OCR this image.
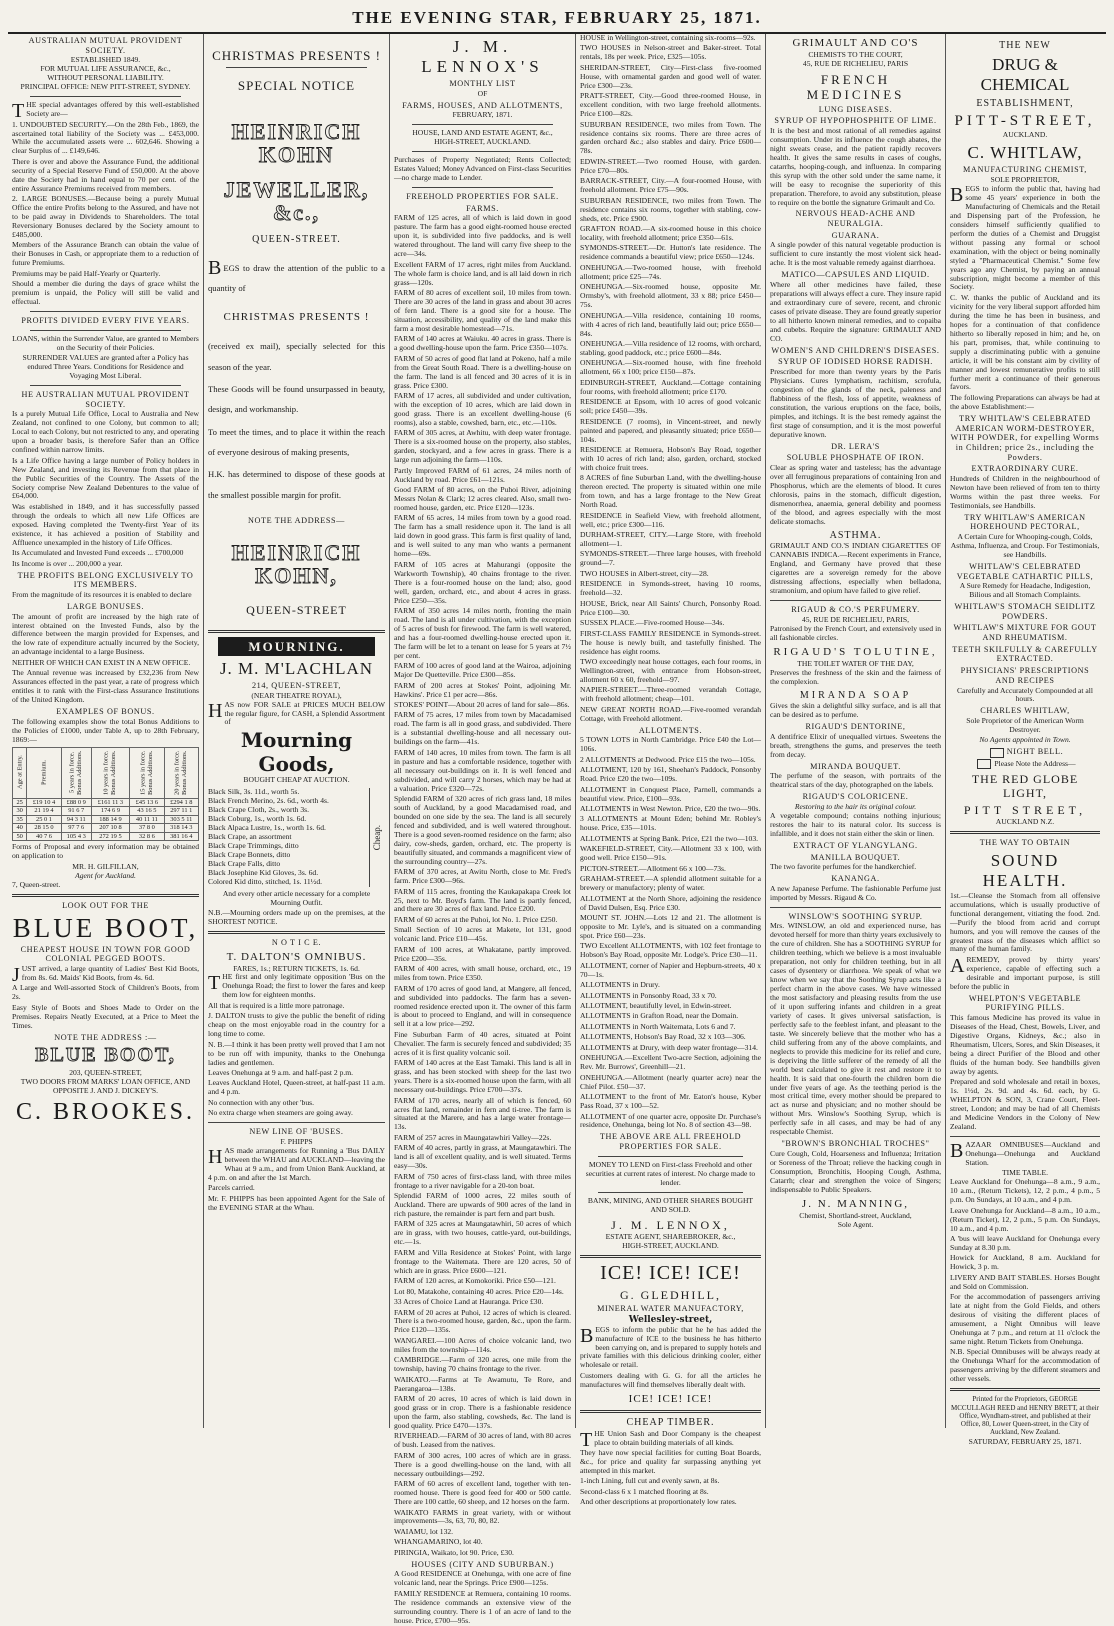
THE EVENING STAR, FEBRUARY 25, 1871.
AUSTRALIAN MUTUAL PROVIDENT SOCIETY.
ESTABLISHED 1849.
FOR MUTUAL LIFE ASSURANCE, &c.,
WITHOUT PERSONAL LIABILITY.
PRINCIPAL OFFICE: NEW PITT-STREET, SYDNEY.

THE special advantages offered by this well-established Society are—

1. UNDOUBTED SECURITY.—On the 28th Feb., 1869, the ascertained total liability of the Society was ... £453,000. While the accumulated assets were ... 602,646. Showing a clear Surplus of ... £149,646.

There is over and above the Assurance Fund, the additional security of a Special Reserve Fund of £50,000. At the above date the Society had in hand equal to 70 per cent. of the entire Assurance Premiums received from members.

2. LARGE BONUSES.—Because being a purely Mutual Office the entire Profits belong to the Assured, and have not to be paid away in Dividends to Shareholders. The total Reversionary Bonuses declared by the Society amount to £485,000.

Members of the Assurance Branch can obtain the value of their Bonuses in Cash, or appropriate them to a reduction of future Premiums.

Premiums may be paid Half-Yearly or Quarterly.

Should a member die during the days of grace whilst the premium is unpaid, the Policy will still be valid and effectual.

PROFITS DIVIDED EVERY FIVE YEARS.

LOANS, within the Surrender Value, are granted to Members on the Security of their Policies.

SURRENDER VALUES are granted after a Policy has endured Three Years. Conditions for Residence and Voyaging Most Liberal.

HE AUSTRALIAN MUTUAL PROVIDENT SOCIETY.

Is a purely Mutual Life Office, Local to Australia and New Zealand, not confined to one Colony, but common to all; Local to each Colony, but not restricted to any, and operating upon a broader basis, is therefore Safer than an Office confined within narrow limits.

Is a Life Office having a large number of Policy holders in New Zealand, and investing its Revenue from that place in the Public Securities of the Country. The Assets of the Society comprise New Zealand Debentures to the value of £64,000.

Was established in 1849, and it has successfully passed through the ordeals to which all new Life Offices are exposed. Having completed the Twenty-first Year of its existence, it has achieved a position of Stability and Affluence unexampled in the history of Life Offices.

Its Accumulated and Invested Fund exceeds ... £700,000

Its Income is over ... 200,000 a year.

THE PROFITS BELONG EXCLUSIVELY TO ITS MEMBERS.

From the magnitude of its resources it is enabled to declare

LARGE BONUSES.

The amount of profit are increased by the high rate of interest obtained on the Invested Funds, also by the difference between the margin provided for Expenses, and the low rate of expenditure actually incurred by the Society, an advantage incidental to a large Business.

NEITHER OF WHICH CAN EXIST IN A NEW OFFICE.

The Annual revenue was increased by £32,236 from New Assurances effected in the past year, a rate of progress which entitles it to rank with the First-class Assurance Institutions of the United Kingdom.

EXAMPLES OF BONUS.

The following examples show the total Bonus Additions to the Policies of £1000, under Table A, up to 28th February, 1869:—

Age at Entry.	Premium.	5 years in force. Bonus Additions.	10 years in force. Bonus Additions.	15 years in force. Bonus Additions.	20 years in force. Bonus Additions.
25	£19 10 4	£88 0 9	£161 11 3	£45 13 6	£294 1 8
30	21 19 4	91 6 7	174 6 9	43 16 5	297 11 1
35	25 0 1	94 3 11	188 14 9	40 11 11	303 5 11
40	28 15 0	97 7 6	207 10 8	37 8 0	318 14 3
50	40 7 6	105 4 3	272 19 5	32 8 6	381 16 4

Forms of Proposal and every information may be obtained on application to

MR. H. GILFILLAN,
Agent for Auckland.
7, Queen-street.
LOOK OUT FOR THE
BLUE BOOT,
CHEAPEST HOUSE IN TOWN FOR GOOD COLONIAL PEGGED BOOTS.

JUST arrived, a large quantity of Ladies' Best Kid Boots, from 8s. 6d. Maids' Kid Boots, from 4s. 6d.

A Large and Well-assorted Stock of Children's Boots, from 2s.

Easy Style of Boots and Shoes Made to Order on the Premises. Repairs Neatly Executed, at a Price to Meet the Times.

NOTE THE ADDRESS :—
BLUE BOOT,
203, QUEEN-STREET,
TWO DOORS FROM MARKS' LOAN OFFICE, AND
OPPOSITE J. AND J. DICKEY'S.
C. BROOKES.
CHRISTMAS PRESENTS !
SPECIAL NOTICE
HEINRICH KOHN
JEWELLER, &c.,
QUEEN-STREET.

BEGS to draw the attention of the public to a quantity of

CHRISTMAS PRESENTS !

(received ex mail), specially selected for this season of the year.

These Goods will be found unsurpassed in beauty, design, and workmanship.

To meet the times, and to place it within the reach of everyone desirous of making presents,

H.K. has determined to dispose of these goods at the smallest possible margin for profit.

NOTE THE ADDRESS—
HEINRICH KOHN,
QUEEN-STREET
MOURNING.
J. M. M'LACHLAN
214, QUEEN-STREET,
(NEAR THEATRE ROYAL),

HAS now FOR SALE at PRICES MUCH BELOW the regular figure, for CASH, a Splendid Assortment of

Mourning Goods,
BOUGHT CHEAP AT AUCTION.

Black Silk, 3s. 11d., worth 5s.

Black French Merino, 2s. 6d., worth 4s.

Black Crape Cloth, 2s., worth 3s.

Black Coburg, 1s., worth 1s. 6d.

Black Alpaca Lustre, 1s., worth 1s. 6d.

Black Crape, an assortment

Black Crape Trimmings, ditto

Black Crape Bonnets, ditto

Black Crape Falls, ditto

Black Josephine Kid Gloves, 3s. 6d.

Colored Kid ditto, stitched, 1s. 11½d.

Cheap.

And every other article necessary for a complete Mourning Outfit.

N.B.—Mourning orders made up on the premises, at the SHORTEST NOTICE.

N O T I C E.
T. DALTON'S OMNIBUS.
FARES, 1s.; RETURN TICKETS, 1s. 6d.

THE first and only legitimate opposition 'Bus on the Onehunga Road; the first to lower the fares and keep them low for eighteen months.

All that is required is a little more patronage.

J. DALTON trusts to give the public the benefit of riding cheap on the most enjoyable road in the country for a long time to come.

N. B.—I think it has been pretty well proved that I am not to be run off with impunity, thanks to the Onehunga ladies and gentlemen.

Leaves Onehunga at 9 a.m. and half-past 2 p.m.

Leaves Auckland Hotel, Queen-street, at half-past 11 a.m. and 4 p.m.

No connection with any other 'bus.

No extra charge when steamers are going away.

NEW LINE OF 'BUSES.
F. PHIPPS

HAS made arrangements for Running a 'Bus DAILY between the WHAU and AUCKLAND—leaving the Whau at 9 a.m., and from Union Bank Auckland, at 4 p.m. on and after the 1st March.

Parcels carried.

Mr. F. PHIPPS has been appointed Agent for the Sale of the EVENING STAR at the Whau.

J. M. LENNOX'S
MONTHLY LIST
OF
FARMS, HOUSES, AND ALLOTMENTS,
FEBRUARY, 1871.
HOUSE, LAND AND ESTATE AGENT, &c.,
HIGH-STREET, AUCKLAND.

Purchases of Property Negotiated; Rents Collected; Estates Valued; Money Advanced on First-class Securities—no charge made to Lender.

FREEHOLD PROPERTIES FOR SALE.
FARMS.

FARM of 125 acres, all of which is laid down in good pasture. The farm has a good eight-roomed house erected upon it, is subdivided into five paddocks, and is well watered throughout. The land will carry five sheep to the acre—34s.

Excellent FARM of 17 acres, right miles from Auckland. The whole farm is choice land, and is all laid down in rich grass—120s.

FARM of 80 acres of excellent soil, 10 miles from town. There are 30 acres of the land in grass and about 30 acres of fern land. There is a good site for a house. The situation, accessibility, and quality of the land make this farm a most desirable homestead—71s.

FARM of 140 acres at Waiuku. 40 acres in grass. There is a good dwelling-house upon the farm. Price £350—107s.

FARM of 50 acres of good flat land at Pokeno, half a mile from the Great South Road. There is a dwelling-house on the farm. The land is all fenced and 30 acres of it is in grass. Price £300.

FARM of 17 acres, all subdivided and under cultivation, with the exception of 10 acres, which are laid down in good grass. There is an excellent dwelling-house (6 rooms), also a stable, cowshed, barn, etc., etc.—110s.

FARM of 305 acres, at Awhitu, with deep water frontage. There is a six-roomed house on the property, also stables, garden, stockyard, and a few acres in grass. There is a large run adjoining the farm—110s.

Partly Improved FARM of 61 acres, 24 miles north of Auckland by road. Price £61—121s.

Good FARM of 80 acres, on the Puhoi River, adjoining Messrs Nolan & Clark; 12 acres cleared. Also, small two-roomed house, garden, etc. Price £120—123s.

FARM of 65 acres, 14 miles from town by a good road. The farm has a small residence upon it. The land is all laid down in good grass. This farm is first quality of land, and is well suited to any man who wants a permanent home—69s.

FARM of 105 acres at Mahurangi (opposite the Warkworth Township), 40 chains frontage to the river. There is a four-roomed house on the land; also, good well, garden, orchard, etc., and about 4 acres in grass. Price £250—35s.

FARM of 350 acres 14 miles north, fronting the main road. The land is all under cultivation, with the exception of 5 acres of bush for firewood. The farm is well watered, and has a four-roomed dwelling-house erected upon it. The farm will be let to a tenant on lease for 5 years at 7½ per cent.

FARM of 100 acres of good land at the Wairoa, adjoining Major De Quetteville. Price £300—85s.

FARM of 200 acres at Stokes' Point, adjoining Mr. Hawkins'. Price £1 per acre—86s.

STOKES' POINT—About 20 acres of land for sale—86s.

FARM of 75 acres, 17 miles from town by Macadamised road. The farm is all in good grass, and subdivided. There is a substantial dwelling-house and all necessary out-buildings on the farm—41s.

FARM of 140 acres, 10 miles from town. The farm is all in pasture and has a comfortable residence, together with all necessary out-buildings on it. It is well fenced and subdivided, and will carry 2 horses, which may be had at a valuation. Price £320—72s.

Splendid FARM of 320 acres of rich grass land, 18 miles south of Auckland, by a good Macadamised road, and bounded on one side by the sea. The land is all securely fenced and subdivided, and is well watered throughout. There is a good seven-roomed residence on the farm; also dairy, cow-sheds, garden, orchard, etc. The property is beautifully situated, and commands a magnificent view of the surrounding country—27s.

FARM of 370 acres, at Awitu North, close to Mr. Fred's farm. Price £300—96s.

FARM of 115 acres, fronting the Kaukapakapa Creek lot 25, next to Mr. Boyd's farm. The land is partly fenced, and there are 30 acres of flax land. Price £200.

FARM of 60 acres at the Puhoi, lot No. 1. Price £250.

Small Section of 10 acres at Makete, lot 131, good volcanic land. Price £10—45s.

FARM of 100 acres, at Whakatane, partly improved. Price £200—35s.

FARM of 400 acres, with small house, orchard, etc., 19 miles from town. Price £350.

FARM of 170 acres of good land, at Mangere, all fenced, and subdivided into paddocks. The farm has a seven-roomed residence erected upon it. The owner of this farm is about to proceed to England, and will in consequence sell it at a low price—292.

Fine Suburban Farm of 40 acres, situated at Point Chevalier. The farm is securely fenced and subdivided; 35 acres of it is first quality volcanic soil.

FARM of 140 acres at the East Tamaki. This land is all in grass, and has been stocked with sheep for the last two years. There is a six-roomed house upon the farm, with all necessary out-buildings. Price £700—37s.

FARM of 170 acres, nearly all of which is fenced, 60 acres flat land, remainder in fern and ti-tree. The farm is situated at the Marere, and has a large water frontage—13s.

FARM of 257 acres in Maungatawhiri Valley—22s.

FARM of 40 acres, partly in grass, at Maungatawhiri. The land is all of excellent quality, and is well situated. Terms easy—30s.

FARM of 750 acres of first-class land, with three miles frontage to a river navigable for a 20-ton boat.

Splendid FARM of 1000 acres, 22 miles south of Auckland. There are upwards of 900 acres of the land in rich pasture, the remainder is part fern and part bush.

FARM of 325 acres at Maungatawhiri, 50 acres of which are in grass, with two houses, cattle-yard, out-buildings, etc.—1s.

FARM and Villa Residence at Stokes' Point, with large frontage to the Waitemata. There are 120 acres, 50 of which are in grass. Price £600—121.

FARM of 120 acres, at Komokoriki. Price £50—121.

Lot 80, Matakohe, containing 40 acres. Price £20—14s.

33 Acres of Choice Land at Hauranga. Price £30.

FARM of 20 acres at Puhoi, 12 acres of which is cleared. There is a two-roomed house, garden, &c., upon the farm. Price £120—135s.

WANGAREI.—100 Acres of choice volcanic land, two miles from the township—114s.

CAMBRIDGE.—Farm of 320 acres, one mile from the township, having 70 chains frontage to the river.

WAIKATO.—Farms at Te Awamutu, Te Rore, and Paerangaroa—138s.

FARM of 20 acres, 10 acres of which is laid down in good grass or in crop. There is a fashionable residence upon the farm, also stabling, cowsheds, &c. The land is good quality. Price £470—137s.

RIVERHEAD.—FARM of 30 acres of land, with 80 acres of bush. Leased from the natives.

FARM of 300 acres, 100 acres of which are in grass. There is a good dwelling-house on the land, with all necessary outbuildings—292.

FARM of 60 acres of excellent land, together with ten-roomed house. There is good feed for 400 or 500 cattle. There are 100 cattle, 60 sheep, and 12 horses on the farm.

WAIKATO FARMS in great variety, with or without improvements—3s, 63, 70, 80, 82.

WAIAMU, lot 132.

WHANGAMARINO, lot 40.

PIRINGIA, Waikato, lot 90. Price, £30.

HOUSES (CITY AND SUBURBAN.)

A Good RESIDENCE at Onehunga, with one acre of fine volcanic land, near the Springs. Price £900—125s.

FAMILY RESIDENCE at Remuera, containing 10 rooms. The residence commands an extensive view of the surrounding country. There is 1 of an acre of land to the house. Price, £700—95s.

HOUSE in Wellington-street, containing six-rooms—92s.

TWO HOUSES in Nelson-street and Baker-street. Total rentals, 18s per week. Price, £325—105s.

SHERIDAN-STREET, City—First-class five-roomed House, with ornamental garden and good well of water. Price £300—23s.

PRATT-STREET, City.—Good three-roomed House, in excellent condition, with two large freehold allotments. Price £100—82s.

SUBURBAN RESIDENCE, two miles from Town. The residence contains six rooms. There are three acres of garden orchard &c.; also stables and dairy. Price £600—78s.

EDWIN-STREET.—Two roomed House, with garden. Price £70—80s.

BARRACK-STREET, City.—A four-roomed House, with freehold allotment. Price £75—90s.

SUBURBAN RESIDENCE, two miles from Town. The residence contains six rooms, together with stabling, cow-sheds, etc. Price £900.

GRAFTON ROAD.—A six-roomed house in this choice locality, with freehold allotment; price £350—61s.

SYMONDS-STREET.—Dr. Hutton's late residence. The residence commands a beautiful view; price £650—124s.

ONEHUNGA.—Two-roomed house, with freehold allotment; price £25—74s.

ONEHUNGA.—Six-roomed house, opposite Mr. Ormsby's, with freehold allotment, 33 x 88; price £450—75s.

ONEHUNGA.—Villa residence, containing 10 rooms, with 4 acres of rich land, beautifully laid out; price £650—84s.

ONEHUNGA.—Villa residence of 12 rooms, with orchard, stabling, good paddock, etc.; price £600—84s.

ONEHUNGA.—Six-roomed house, with fine freehold allotment, 66 x 100; price £150—87s.

EDINBURGH-STREET, Auckland.—Cottage containing four rooms, with freehold allotment; price £170.

RESIDENCE at Epsom, with 10 acres of good volcanic soil; price £450—39s.

RESIDENCE (7 rooms), in Vincent-street, and newly painted and papered, and pleasantly situated; price £650—104s.

RESIDENCE at Remuera, Hobson's Bay Road, together with 10 acres of rich land; also, garden, orchard, stocked with choice fruit trees.

8 ACRES of fine Suburban Land, with the dwelling-house thereon erected. The property is situated within one mile from town, and has a large frontage to the New Great North Road.

RESIDENCE in Seafield View, with freehold allotment, well, etc.; price £300—116.

DURHAM-STREET, CITY.—Large Store, with freehold allotment—1.

SYMONDS-STREET.—Three large houses, with freehold ground—7.

TWO HOUSES in Albert-street, city—28.

RESIDENCE in Symonds-street, having 10 rooms, freehold—32.

HOUSE, Brick, near All Saints' Church, Ponsonby Road. Price £100—30.

SUSSEX PLACE.—Five-roomed House—34s.

FIRST-CLASS FAMILY RESIDENCE in Symonds-street. The house is newly built, and tastefully finished. The residence has eight rooms.

TWO exceedingly neat house cottages, each four rooms, in Wellington-street, with entrance from Hobson-street, allotment 60 x 60, freehold—97.

NAPIER-STREET.—Three-roomed verandah Cottage, with freehold allotment; cheap—101.

NEW GREAT NORTH ROAD.—Five-roomed verandah Cottage, with Freehold allotment.

ALLOTMENTS.

5 TOWN LOTS in North Cambridge. Price £40 the Lot—106s.

2 ALLOTMENTS at Dedwood. Price £15 the two—105s.

ALLOTMENT, 120 by 161, Sheehan's Paddock, Ponsonby Road. Price £20 the two—109s.

ALLOTMENT in Conquest Place, Parnell, commands a beautiful view. Price, £100—93s.

ALLOTMENTS in West Newton. Price, £20 the two—90s.

3 ALLOTMENTS at Mount Eden; behind Mr. Robley's house. Price, £35—101s.

ALLOTMENTS at Spring Bank. Price, £21 the two—103.

WAKEFIELD-STREET, City.—Allotment 33 x 100, with good well. Price £150—91s.

PICTON-STREET.—Allotment 66 x 100—73s.

GRAHAM-STREET.—A splendid allotment suitable for a brewery or manufactory; plenty of water.

ALLOTMENT at the North Shore, adjoining the residence of David Dulsen, Esq. Price £30.

MOUNT ST. JOHN.—Lots 12 and 21. The allotment is opposite to Mr. Lyle's, and is situated on a commanding spot. Price £60—23s.

TWO Excellent ALLOTMENTS, with 102 feet frontage to Hobson's Bay Road, opposite Mr. Lodge's. Price £30—11.

ALLOTMENT, corner of Napier and Hepburn-streets, 40 x 70—1s.

ALLOTMENTS in Drury.

ALLOTMENTS in Ponsonby Road, 33 x 70.

ALLOTMENT, beautifully level, in Edwin-street.

ALLOTMENTS in Grafton Road, near the Domain.

ALLOTMENTS in North Waitemata, Lots 6 and 7.

ALLOTMENTS, Hobson's Bay Road, 32 x 103—306.

ALLOTMENTS at Drury, with deep water frontage—314.

ONEHUNGA.—Excellent Two-acre Section, adjoining the Rev. Mr. Burrows', Greenhill—21.

ONEHUNGA.—Allotment (nearly quarter acre) near the Chief Pilot. £50—37.

ALLOTMENT to the front of Mr. Eaton's house, Kyber Pass Road, 37 x 100—52.

ALLOTMENT of one quarter acre, opposite Dr. Purchase's residence, Onehunga, being lot No. 8 of section 43—98.

THE ABOVE ARE ALL FREEHOLD PROPERTIES FOR SALE.

MONEY TO LEND on First-class Freehold and other securities at current rates of interest. No charge made to lender.

BANK, MINING, AND OTHER SHARES BOUGHT AND SOLD.

J. M. LENNOX,
ESTATE AGENT, SHAREBROKER, &c.,
HIGH-STREET, AUCKLAND.
ICE! ICE! ICE!
G. GLEDHILL,
MINERAL WATER MANUFACTORY,
Wellesley-street,

BEGS to inform the public that he he has added the manufacture of ICE to the business he has hitherto been carrying on, and is prepared to supply hotels and private families with this delicious drinking cooler, either wholesale or retail.

Customers dealing with G. G. for all the articles he manufactures will find themselves liberally dealt with.

ICE! ICE! ICE!
CHEAP TIMBER.

THE Union Sash and Door Company is the cheapest place to obtain building materials of all kinds.

They have now special facilities for cutting Boat Boards, &c., for price and quality far surpassing anything yet attempted in this market.

1-inch Lining, full cut and evenly sawn, at 8s.

Second-class 6 x 1 matched flooring at 8s.

And other descriptions at proportionately low rates.

GRIMAULT AND CO'S
CHEMISTS TO THE COURT,
45, RUE DE RICHELIEU, PARIS
FRENCH MEDICINES
LUNG DISEASES.
SYRUP OF HYPOPHOSPHITE OF LIME.

It is the best and most rational of all remedies against consumption. Under its influence the cough abates, the night sweats cease, and the patient rapidly recovers health. It gives the same results in cases of coughs, catarrhs, hooping-cough, and influenza. In comparing this syrup with the other sold under the same name, it will be easy to recognise the superiority of this preparation. Therefore, to avoid any substitution, please to require on the bottle the signature Grimault and Co.

NERVOUS HEAD-ACHE AND NEURALGIA.
GUARANA.

A single powder of this natural vegetable production is sufficient to cure instantly the most violent sick head-ache. It is the most valuable remedy against diarrhoea.

MATICO—CAPSULES AND LIQUID.

Where all other medicines have failed, these preparations will always effect a cure. They insure rapid and extraordinary cure of severe, recent, and chronic cases of private disease. They are found greatly superior to all hitherto known mineral remedies, and to copaiba and cubebs. Require the signature: GRIMAULT AND CO.

WOMEN'S AND CHILDREN'S DISEASES.
SYRUP OF IODISED HORSE RADISH.

Prescribed for more than twenty years by the Paris Physicians. Cures lymphatism, rachitism, scrofula, congestion of the glands of the neck, paleness and flabbiness of the flesh, loss of appetite, weakness of constitution, the various eruptions on the face, boils, pimples, and itchings. It is the best remedy against the first stage of consumption, and it is the most powerful depurative known.

DR. LERA'S
SOLUBLE PHOSPHATE OF IRON.

Clear as spring water and tasteless; has the advantage over all ferruginous preparations of containing Iron and Phosphorus, which are the elements of blood. It cures chlorosis, pains in the stomach, difficult digestion, dismenorrhea, anaemia, general debility and poorness of the blood, and agrees especially with the most delicate stomachs.

ASTHMA.

GRIMAULT AND CO.'S INDIAN CIGARETTES OF CANNABIS INDICA.—Recent experiments in France, England, and Germany have proved that these cigarettes are a sovereign remedy for the above distressing affections, especially when belladona, stramonium, and opium have failed to give relief.

RIGAUD & CO.'S PERFUMERY.
45, RUE DE RICHELIEU, PARIS,

Patronised by the French Court, and extensively used in all fashionable circles.

RIGAUD'S TOLUTINE,
THE TOILET WATER OF THE DAY,

Preserves the freshness of the skin and the fairness of the complexion.

MIRANDA SOAP

Gives the skin a delightful silky surface, and is all that can be desired as to perfume.

RIGAUD'S DENTORINE,

A dentifrice Elixir of unequalled virtues. Sweetens the breath, strengthens the gums, and preserves the teeth from decay.

MIRANDA BOUQUET.

The perfume of the season, with portraits of the theatrical stars of the day, photographed on the labels.

RIGAUD'S COLORICENE.
Restoring to the hair its original colour.

A vegetable compound; contains nothing injurious; restores the hair to its natural color. Its success is infallible, and it does not stain either the skin or linen.

EXTRACT OF YLANGYLANG.
MANILLA BOUQUET.

The two favorite perfumes for the handkerchief.

KANANGA.

A new Japanese Perfume. The fashionable Perfume just imported by Messrs. Rigaud & Co.

WINSLOW'S SOOTHING SYRUP.

Mrs. WINSLOW, an old and experienced nurse, has devoted herself for more than thirty years exclusively to the cure of children. She has a SOOTHING SYRUP for children teething, which we believe is a most invaluable preparation, not only for children teething, but in all cases of dysentery or diarrhoea. We speak of what we know when we say that the Soothing Syrup acts like a perfect charm in the above cases. We have witnessed the most satisfactory and pleasing results from the use of it upon suffering infants and children in a great variety of cases. It gives universal satisfaction, is perfectly safe to the feeblest infant, and pleasant to the taste. We sincerely believe that the mother who has a child suffering from any of the above complaints, and neglects to provide this medicine for its relief and cure, is depriving the little sufferer of the remedy of all the world best calculated to give it rest and restore it to health. It is said that one-fourth the children born die under five years of age. As the teething period is the most critical time, every mother should be prepared to act as nurse and physician; and no mother should be without Mrs. Winslow's Soothing Syrup, which is perfectly safe in all cases, and may be had of any respectable Chemist.

"BROWN'S BRONCHIAL TROCHES"

Cure Cough, Cold, Hoarseness and Influenza; Irritation or Soreness of the Throat; relieve the hacking cough in Consumption, Bronchitis, Hooping Cough, Asthma, Catarrh; clear and strengthen the voice of Singers; indispensable to Public Speakers.

J. N. MANNING,
Chemist, Shortland-street, Auckland,
Sole Agent.
THE NEW
DRUG & CHEMICAL
ESTABLISHMENT,
PITT-STREET,
AUCKLAND.
C. WHITLAW,
MANUFACTURING CHEMIST,
SOLE PROPRIETOR,

BEGS to inform the public that, having had some 45 years' experience in both the Manufacturing of Chemicals and the Retail and Dispensing part of the Profession, he considers himself sufficiently qualified to perform the duties of a Chemist and Druggist without passing any formal or school examination, with the object or being nominally styled a "Pharmaceutical Chemist." Some few years ago any Chemist, by paying an annual subscription, might become a member of this Society.

C. W. thanks the public of Auckland and its vicinity for the very liberal support afforded him during the time he has been in business, and hopes for a continuation of that confidence hitherto so liberally reposed in him; and he, on his part, promises, that, while continuing to supply a discriminating public with a genuine article, it will be his constant aim by civility of manner and lowest remunerative profits to still further merit a continuance of their generous favors.

The following Preparations can always be had at the above Establishment:—

TRY WHITLAW'S CELEBRATED AMERICAN WORM-DESTROYER, WITH POWDER, for expelling Worms in Children; price 2s., including the Powders.
EXTRAORDINARY CURE.

Hundreds of Children in the neighbourhood of Newton have been relieved of from ten to thirty Worms within the past three weeks. For Testimonials, see Handbills.

TRY WHITLAW'S AMERICAN HOREHOUND PECTORAL,

A Certain Cure for Whooping-cough, Colds, Asthma, Influenza, and Croup. For Testimonials, see Handbills.

WHITLAW'S CELEBRATED VEGETABLE CATHARTIC PILLS,

A Sure Remedy for Headache, Indigestion, Bilious and all Stomach Complaints.

WHITLAW'S STOMACH SEIDLITZ POWDERS.
WHITLAW'S MIXTURE FOR GOUT AND RHEUMATISM.
TEETH SKILFULLY & CAREFULLY EXTRACTED.
PHYSICIANS' PRESCRIPTIONS AND RECIPES

Carefully and Accurately Compounded at all hours.

CHARLES WHITLAW,

Sole Proprietor of the American Worm Destroyer.

No Agents appointed in Town.

NIGHT BELL.
Please Note the Address—
THE RED GLOBE LIGHT,
PITT STREET,
AUCKLAND N.Z.
THE WAY TO OBTAIN
SOUND HEALTH.

1st.—Cleanse the Stomach from all offensive accumulations, which is usually productive of functional derangement, vitiating the food. 2nd.—Purify the blood from acrid and corrupt humors, and you will remove the causes of the greatest mass of the diseases which afflict so many of the human family.

AREMEDY, proved by thirty years' experience, capable of effecting such a desirable and important purpose, is still before the public in

WHELPTON'S VEGETABLE PURIFYING PILLS.

This famous Medicine has proved its value in Diseases of the Head, Chest, Bowels, Liver, and Digestive Organs, Kidneys, &c.; also in Rheumatism, Ulcers, Sores, and Skin Diseases, it being a direct Purifier of the Blood and other fluids of the human body. See handbills given away by agents.

Prepared and sold wholesale and retail in boxes, 1s. 1½d, 2s. 9d. and 4s. 6d. each, by G. WHELPTON & SON, 3, Crane Court, Fleet-street, London; and may be had of all Chemists and Medicine Vendors in the Colony of New Zealand.

BAZAAR OMNIBUSES—Auckland and Onehunga—Onehunga and Auckland Station.

TIME TABLE.

Leave Auckland for Onehunga—8 a.m., 9 a.m., 10 a.m., (Return Tickets), 12, 2 p.m., 4 p.m., 5 p.m. On Sundays, at 10 a.m., and 4 p.m.

Leave Onehunga for Auckland—8 a.m., 10 a.m., (Return Ticket), 12, 2 p.m., 5 p.m. On Sundays, 10 a.m., and 4 p.m.

A 'bus will leave Auckland for Onehunga every Sunday at 8.30 p.m.

Howick for Auckland, 8 a.m. Auckland for Howick, 3 p. m.

LIVERY AND BAIT STABLES. Horses Bought and Sold on Commission.

For the accommodation of passengers arriving late at night from the Gold Fields, and others desirous of visiting the different places of amusement, a Night Omnibus will leave Onehunga at 7 p.m., and return at 11 o'clock the same night. Return Tickets from Onehunga.

N.B. Special Omnibuses will be always ready at the Onehunga Wharf for the accommodation of passengers arriving by the different steamers and other vessels.

Printed for the Proprietors, GEORGE MCCULLAGH REED and HENRY BRETT, at their Office, Wyndham-street, and published at their Office, 80, Lower Queen-street, in the City of Auckland, New Zealand.

SATURDAY, FEBRUARY 25, 1871.
